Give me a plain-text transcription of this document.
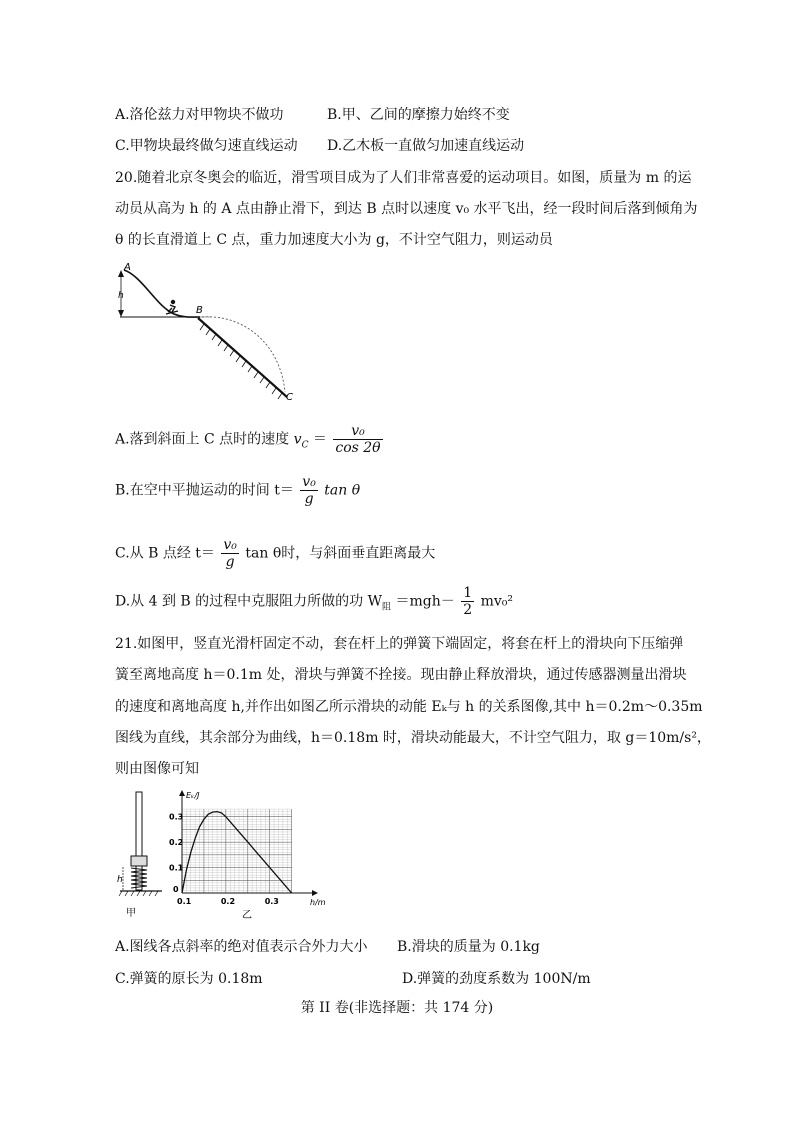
A.洛伦兹力对甲物块不做功	B.甲、乙间的摩擦力始终不变
C.甲物块最终做匀速直线运动 D.乙木板一直做匀加速直线运动
20.随着北京冬奥会的临近，滑雪项目成为了人们非常喜爱的运动项目。如图，质量为 m 的运
动员从高为 h 的 A 点由静止滑下，到达 B 点时以速度 v₀ 水平飞出，经一段时间后落到倾角为
θ 的长直滑道上 C 点，重力加速度大小为 g，不计空气阻力，则运动员
A
h
B
C
A.落到斜面上 C 点时的速度 $v_C = \frac{\text{v₀}}{\cos 2\theta}$
B.在空中平抛运动的时间 $t= \frac{\text{v₀}}{g}$ tan θ
C.从 B 点经 $t= \frac{\text{v₀}}{g}$ tan θ时，与斜面垂直距离最大
D.从 4 到 B 的过程中克服阻力所做的功 $W_阻 =mgh- \frac{1}{2} mv_0^2$
21.如图甲，竖直光滑杆固定不动，套在杆上的弹簧下端固定，将套在杆上的滑块向下压缩弹
簧至离地高度 h＝0.1m 处，滑块与弹簧不拴接。现由静止释放滑块，通过传感器测量出滑块
的速度和离地高度 h,并作出如图乙所示滑块的动能 Eₖ与 h 的关系图像,其中 h＝0.2m～0.35m
图线为直线，其余部分为曲线，h＝0.18m 时，滑块动能最大，不计空气阻力，取 g＝10m/s²，
则由图像可知
h
甲
0.1	0.2	0.3
0
0.1
0.2
0.3
Eₖ/J
h/m
乙
A.图线各点斜率的绝对值表示合外力大小 B.滑块的质量为 0.1kg
C.弹簧的原长为 0.18m	D.弹簧的劲度系数为 100N/m
第 II 卷(非选择题：共 174 分)
